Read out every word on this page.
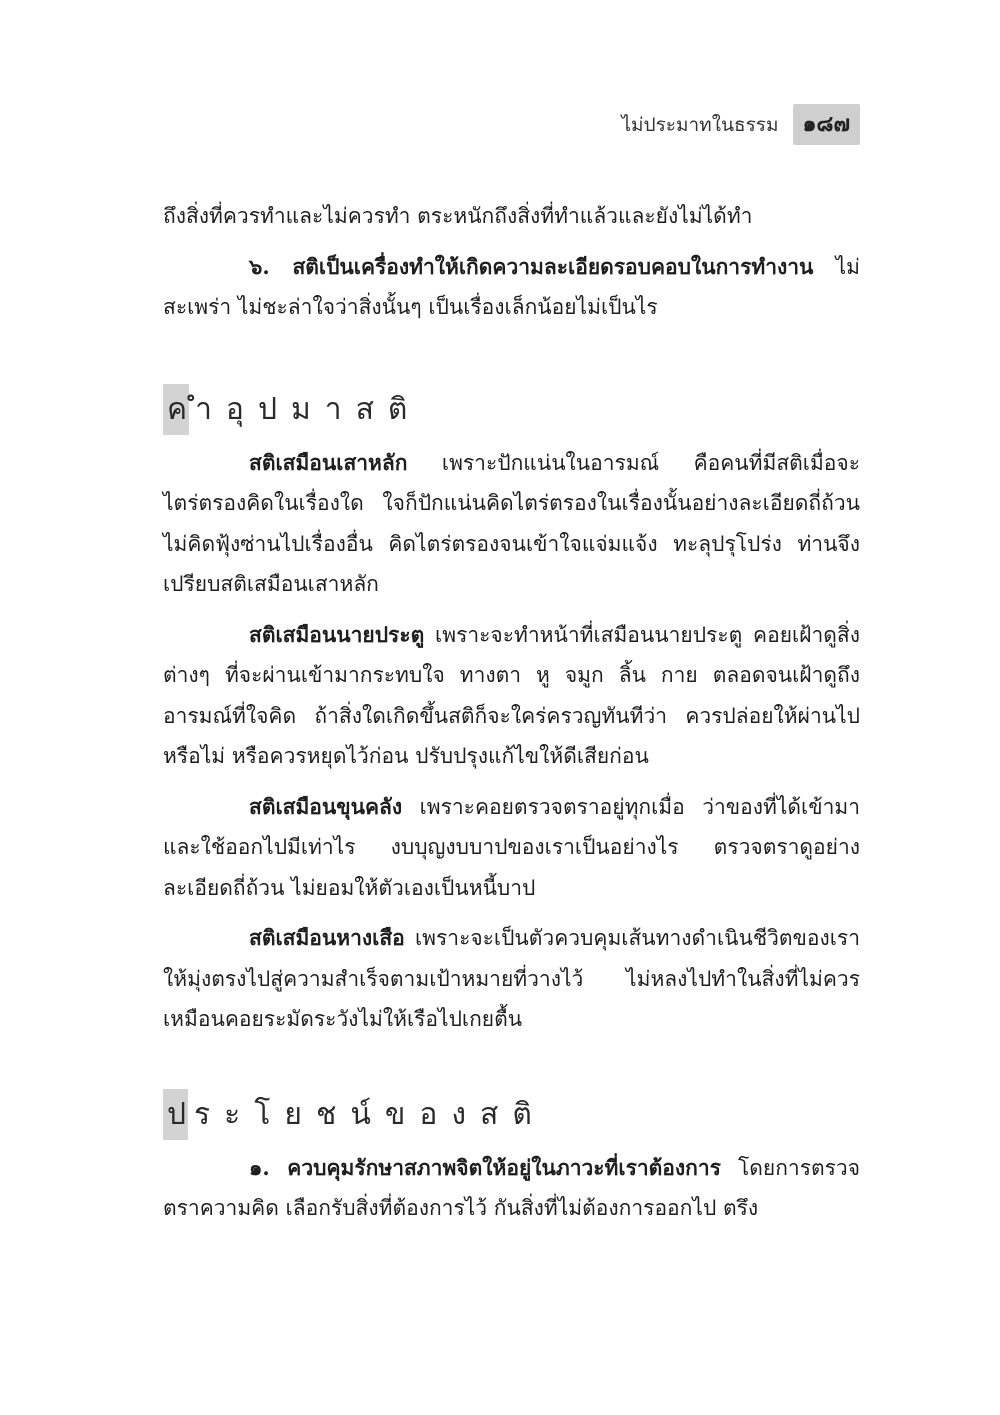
ไม่ประมาทในธรรม	๑๘๗

ถึงสิ่งที่ควรทำและไม่ควรทำ ตระหนักถึงสิ่งที่ทำแล้วและยังไม่ได้ทำ

๖. สติเป็นเครื่องทำให้เกิดความละเอียดรอบคอบในการทำงาน ไม่สะเพร่า ไม่ชะล่าใจว่าสิ่งนั้นๆ เป็นเรื่องเล็กน้อยไม่เป็นไร

ค ำอุปมาสติ

สติเสมือนเสาหลัก เพราะปักแน่นในอารมณ์ คือคนที่มีสติเมื่อจะไตร่ตรองคิดในเรื่องใด ใจก็ปักแน่นคิดไตร่ตรองในเรื่องนั้นอย่างละเอียดถี่ถ้วน ไม่คิดฟุ้งซ่านไปเรื่องอื่น คิดไตร่ตรองจนเข้าใจแจ่มแจ้ง ทะลุปรุโปร่ง ท่านจึงเปรียบสติเสมือนเสาหลัก

สติเสมือนนายประตู เพราะจะทำหน้าที่เสมือนนายประตู คอยเฝ้าดูสิ่งต่างๆ ที่จะผ่านเข้ามากระทบใจ ทางตา หู จมูก ลิ้น กาย ตลอดจนเฝ้าดูถึงอารมณ์ที่ใจคิด ถ้าสิ่งใดเกิดขึ้นสติก็จะใคร่ครวญทันทีว่า ควรปล่อยให้ผ่านไปหรือไม่ หรือควรหยุดไว้ก่อน ปรับปรุงแก้ไขให้ดีเสียก่อน

สติเสมือนขุนคลัง เพราะคอยตรวจตราอยู่ทุกเมื่อ ว่าของที่ได้เข้ามาและใช้ออกไปมีเท่าไร งบบุญงบบาปของเราเป็นอย่างไร ตรวจตราดูอย่างละเอียดถี่ถ้วน ไม่ยอมให้ตัวเองเป็นหนี้บาป

สติเสมือนหางเสือ เพราะจะเป็นตัวควบคุมเส้นทางดำเนินชีวิตของเราให้มุ่งตรงไปสู่ความสำเร็จตามเป้าหมายที่วางไว้ ไม่หลงไปทำในสิ่งที่ไม่ควร เหมือนคอยระมัดระวังไม่ให้เรือไปเกยตื้น

ป ระโยชน์ของสติ

๑. ควบคุมรักษาสภาพจิตให้อยู่ในภาวะที่เราต้องการ โดยการตรวจตราความคิด เลือกรับสิ่งที่ต้องการไว้ กันสิ่งที่ไม่ต้องการออกไป ตรึง
